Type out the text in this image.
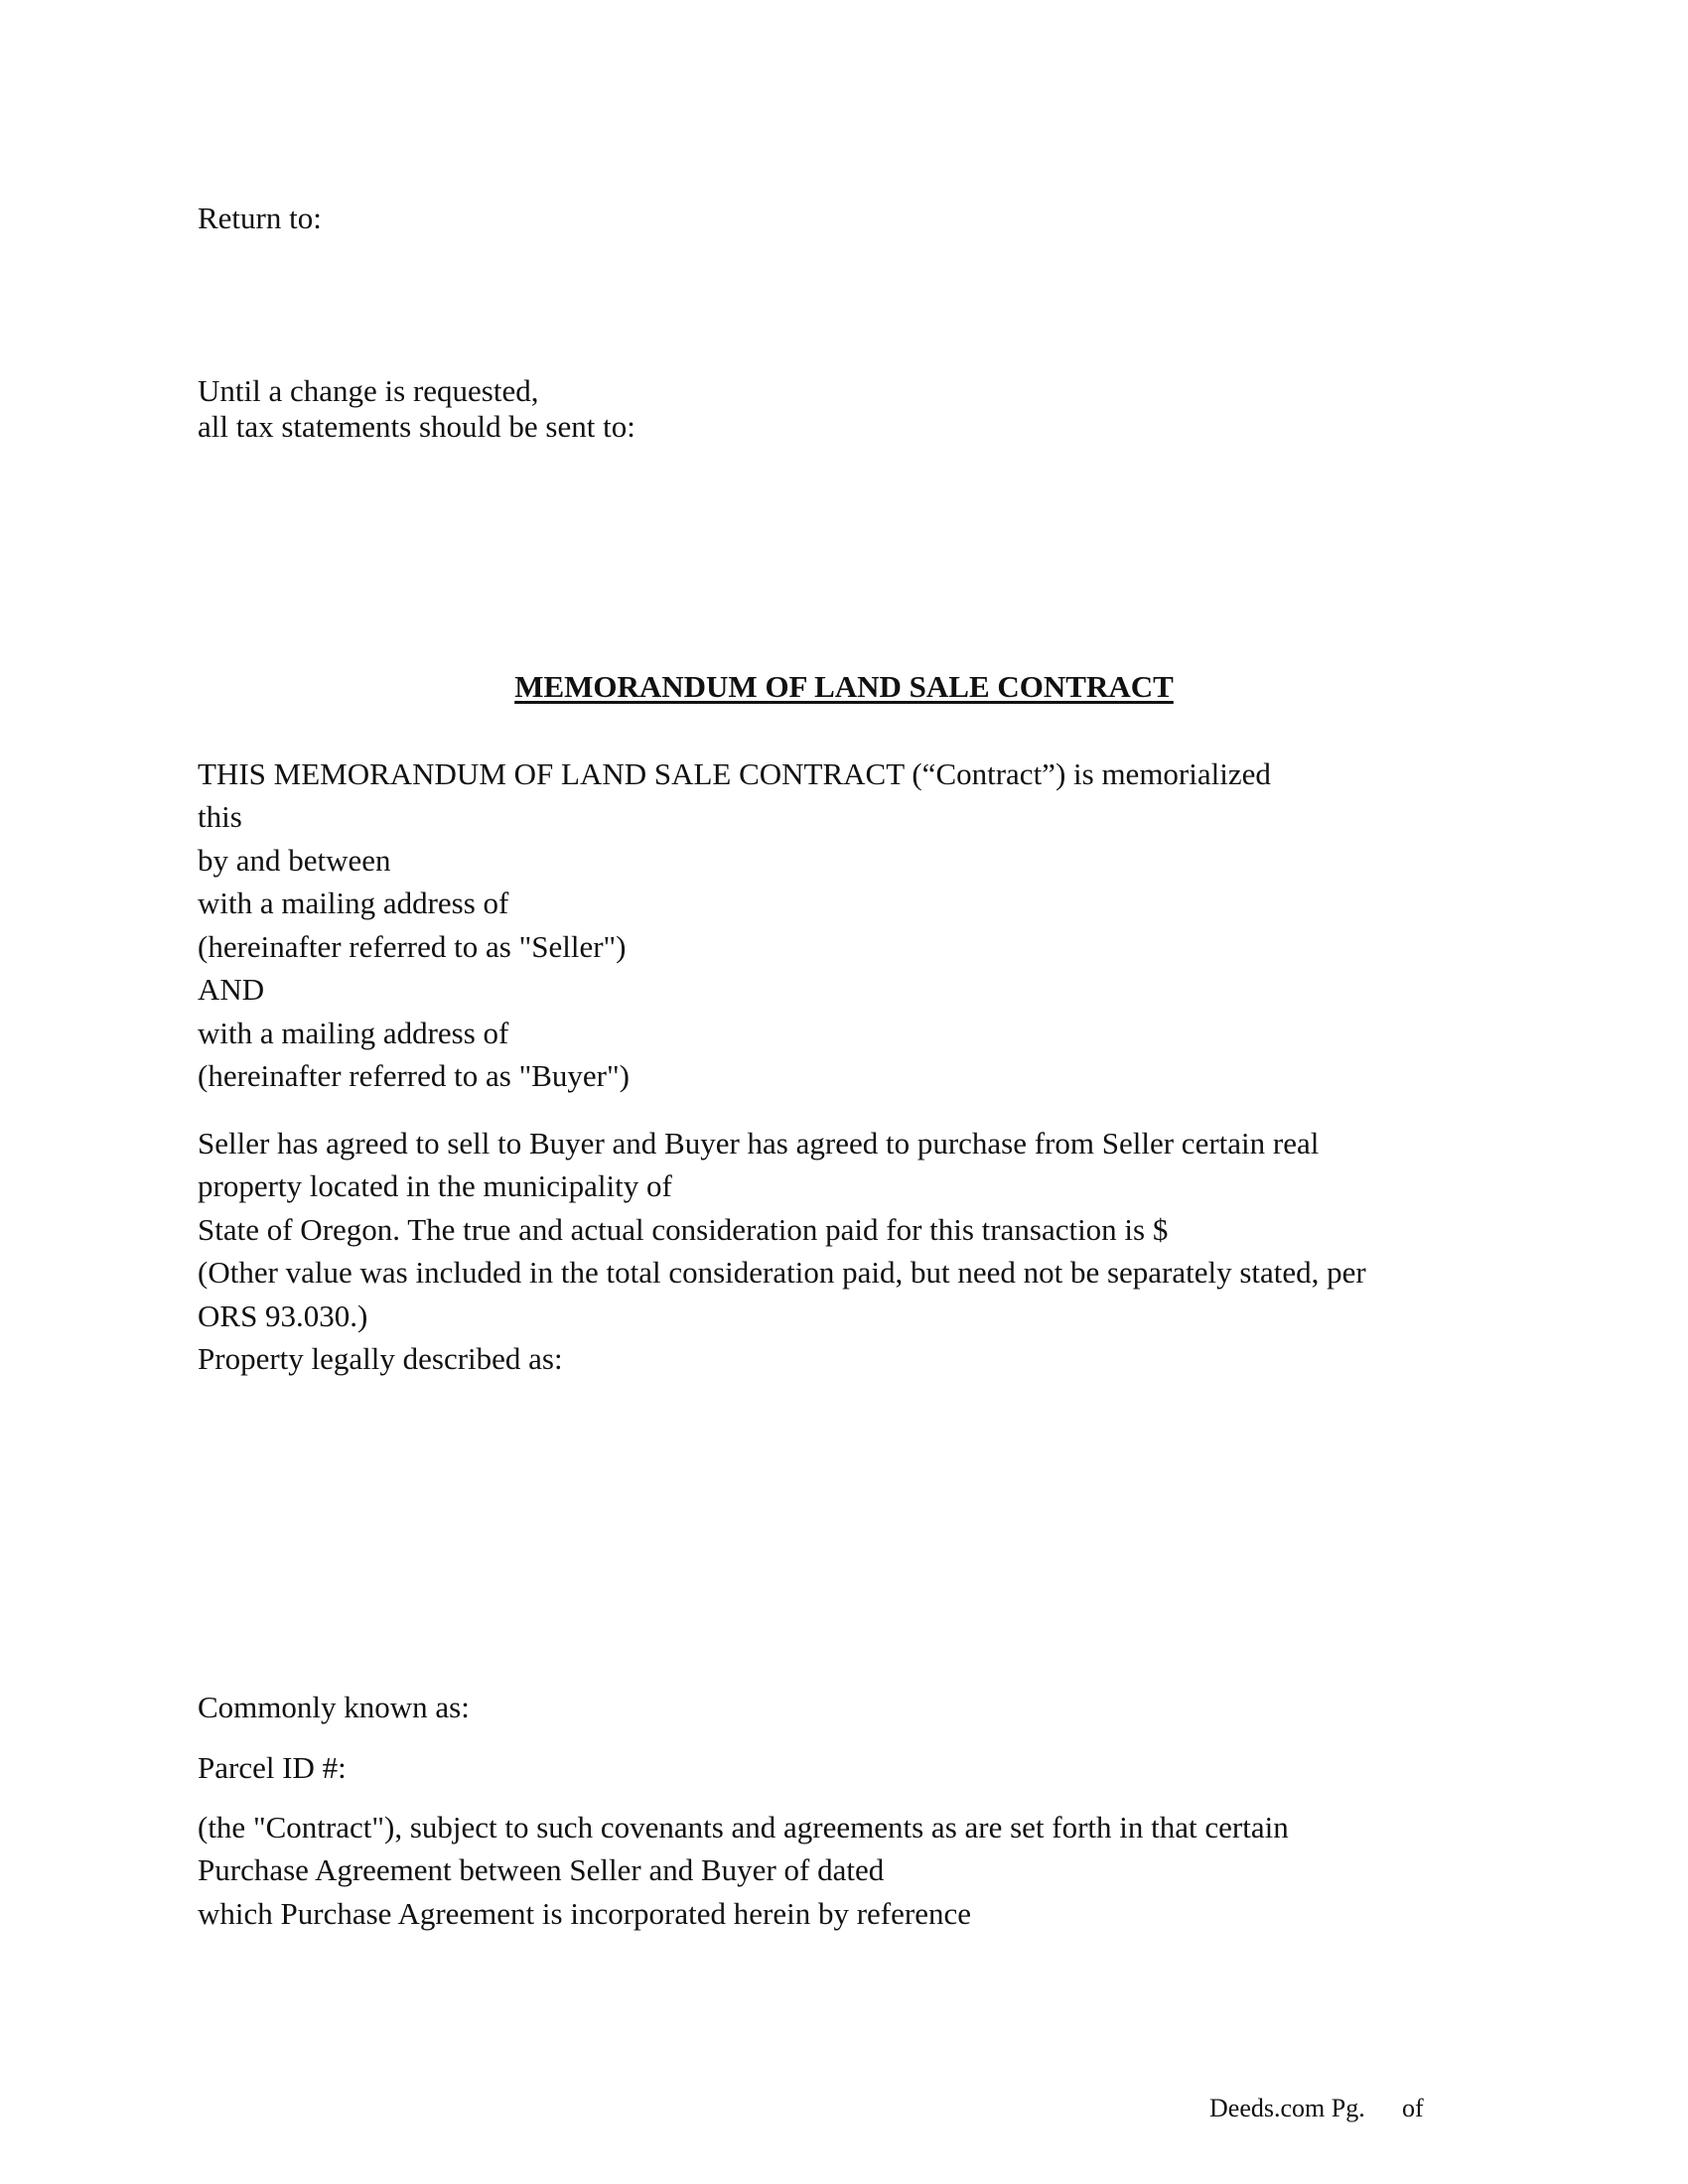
Return to:

Until a change is requested,

all tax statements should be sent to:

MEMORANDUM OF LAND SALE CONTRACT

THIS MEMORANDUM OF LAND SALE CONTRACT (“Contract”) is memorialized

this

by and between

with a mailing address of

(hereinafter referred to as "Seller")

AND

with a mailing address of

(hereinafter referred to as "Buyer")

Seller has agreed to sell to Buyer and Buyer has agreed to purchase from Seller certain real

property located in the municipality of

State of Oregon. The true and actual consideration paid for this transaction is $

(Other value was included in the total consideration paid, but need not be separately stated, per

ORS 93.030.)

Property legally described as:

Commonly known as:

Parcel ID #:

(the "Contract"), subject to such covenants and agreements as are set forth in that certain

Purchase Agreement between Seller and Buyer of dated

which Purchase Agreement is incorporated herein by reference

Deeds.com Pg. of
